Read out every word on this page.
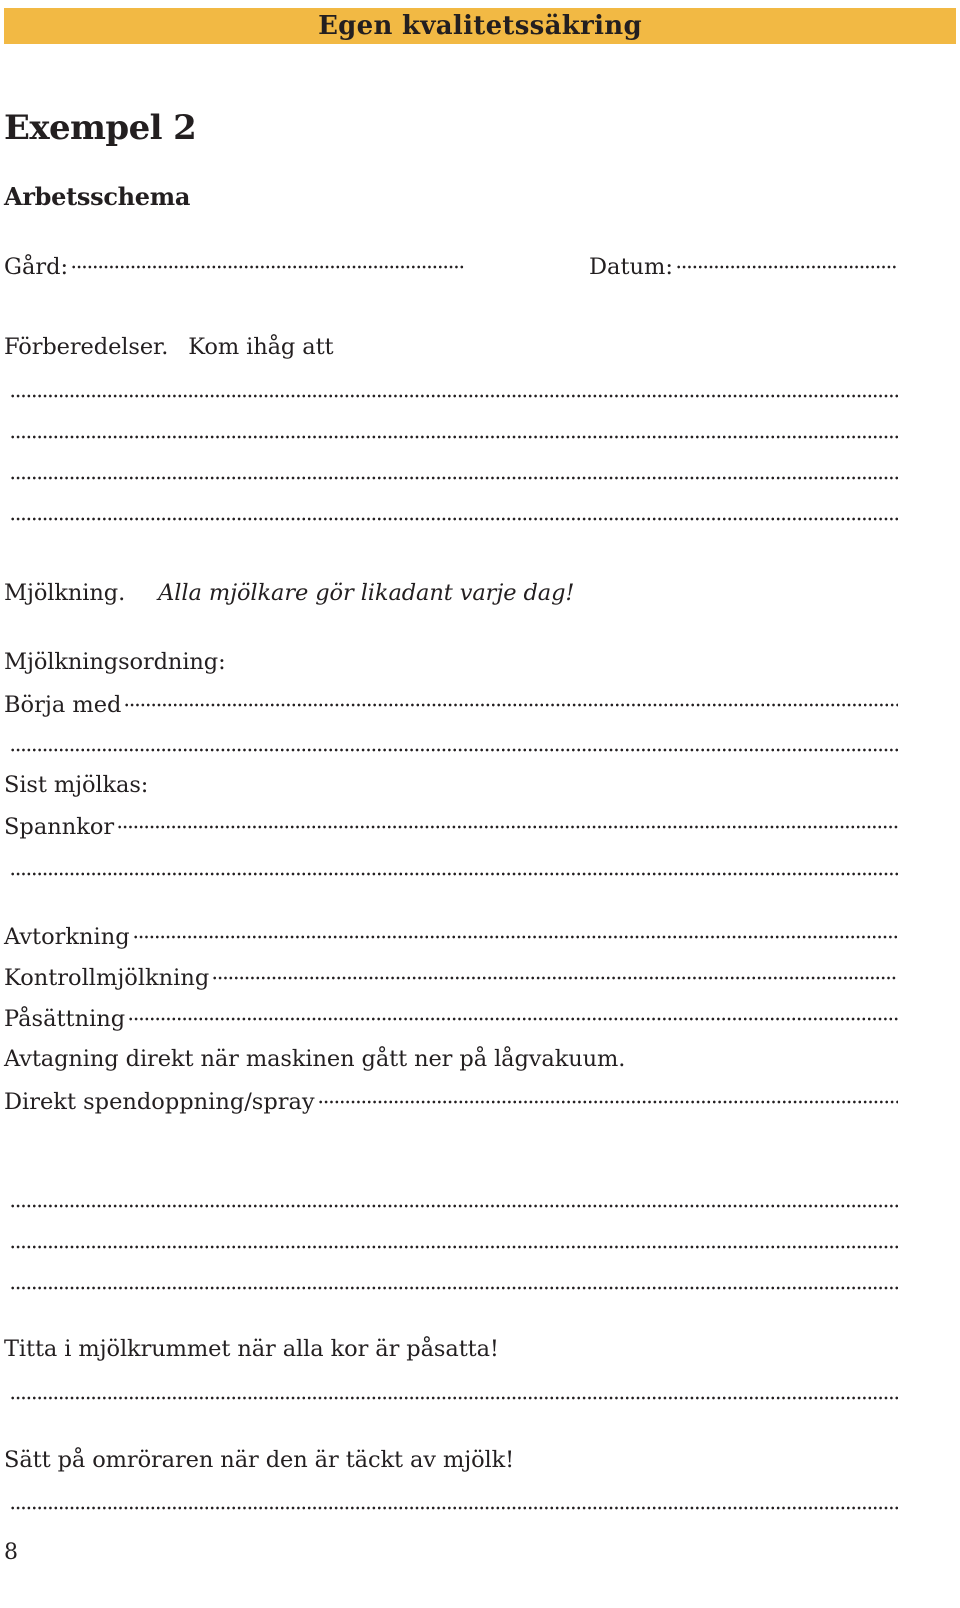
Egen kvalitetssäkring
Exempel 2
Arbetsschema
Gård:	Datum:
Förberedelser. Kom ihåg att
Mjölkning. Alla mjölkare gör likadant varje dag!
Mjölkningsordning:
Börja med
Sist mjölkas:
Spannkor
Avtorkning
Kontrollmjölkning
Påsättning
Avtagning direkt när maskinen gått ner på lågvakuum.
Direkt spendoppning/spray
Titta i mjölkrummet när alla kor är påsatta!
Sätt på omröraren när den är täckt av mjölk!
8
